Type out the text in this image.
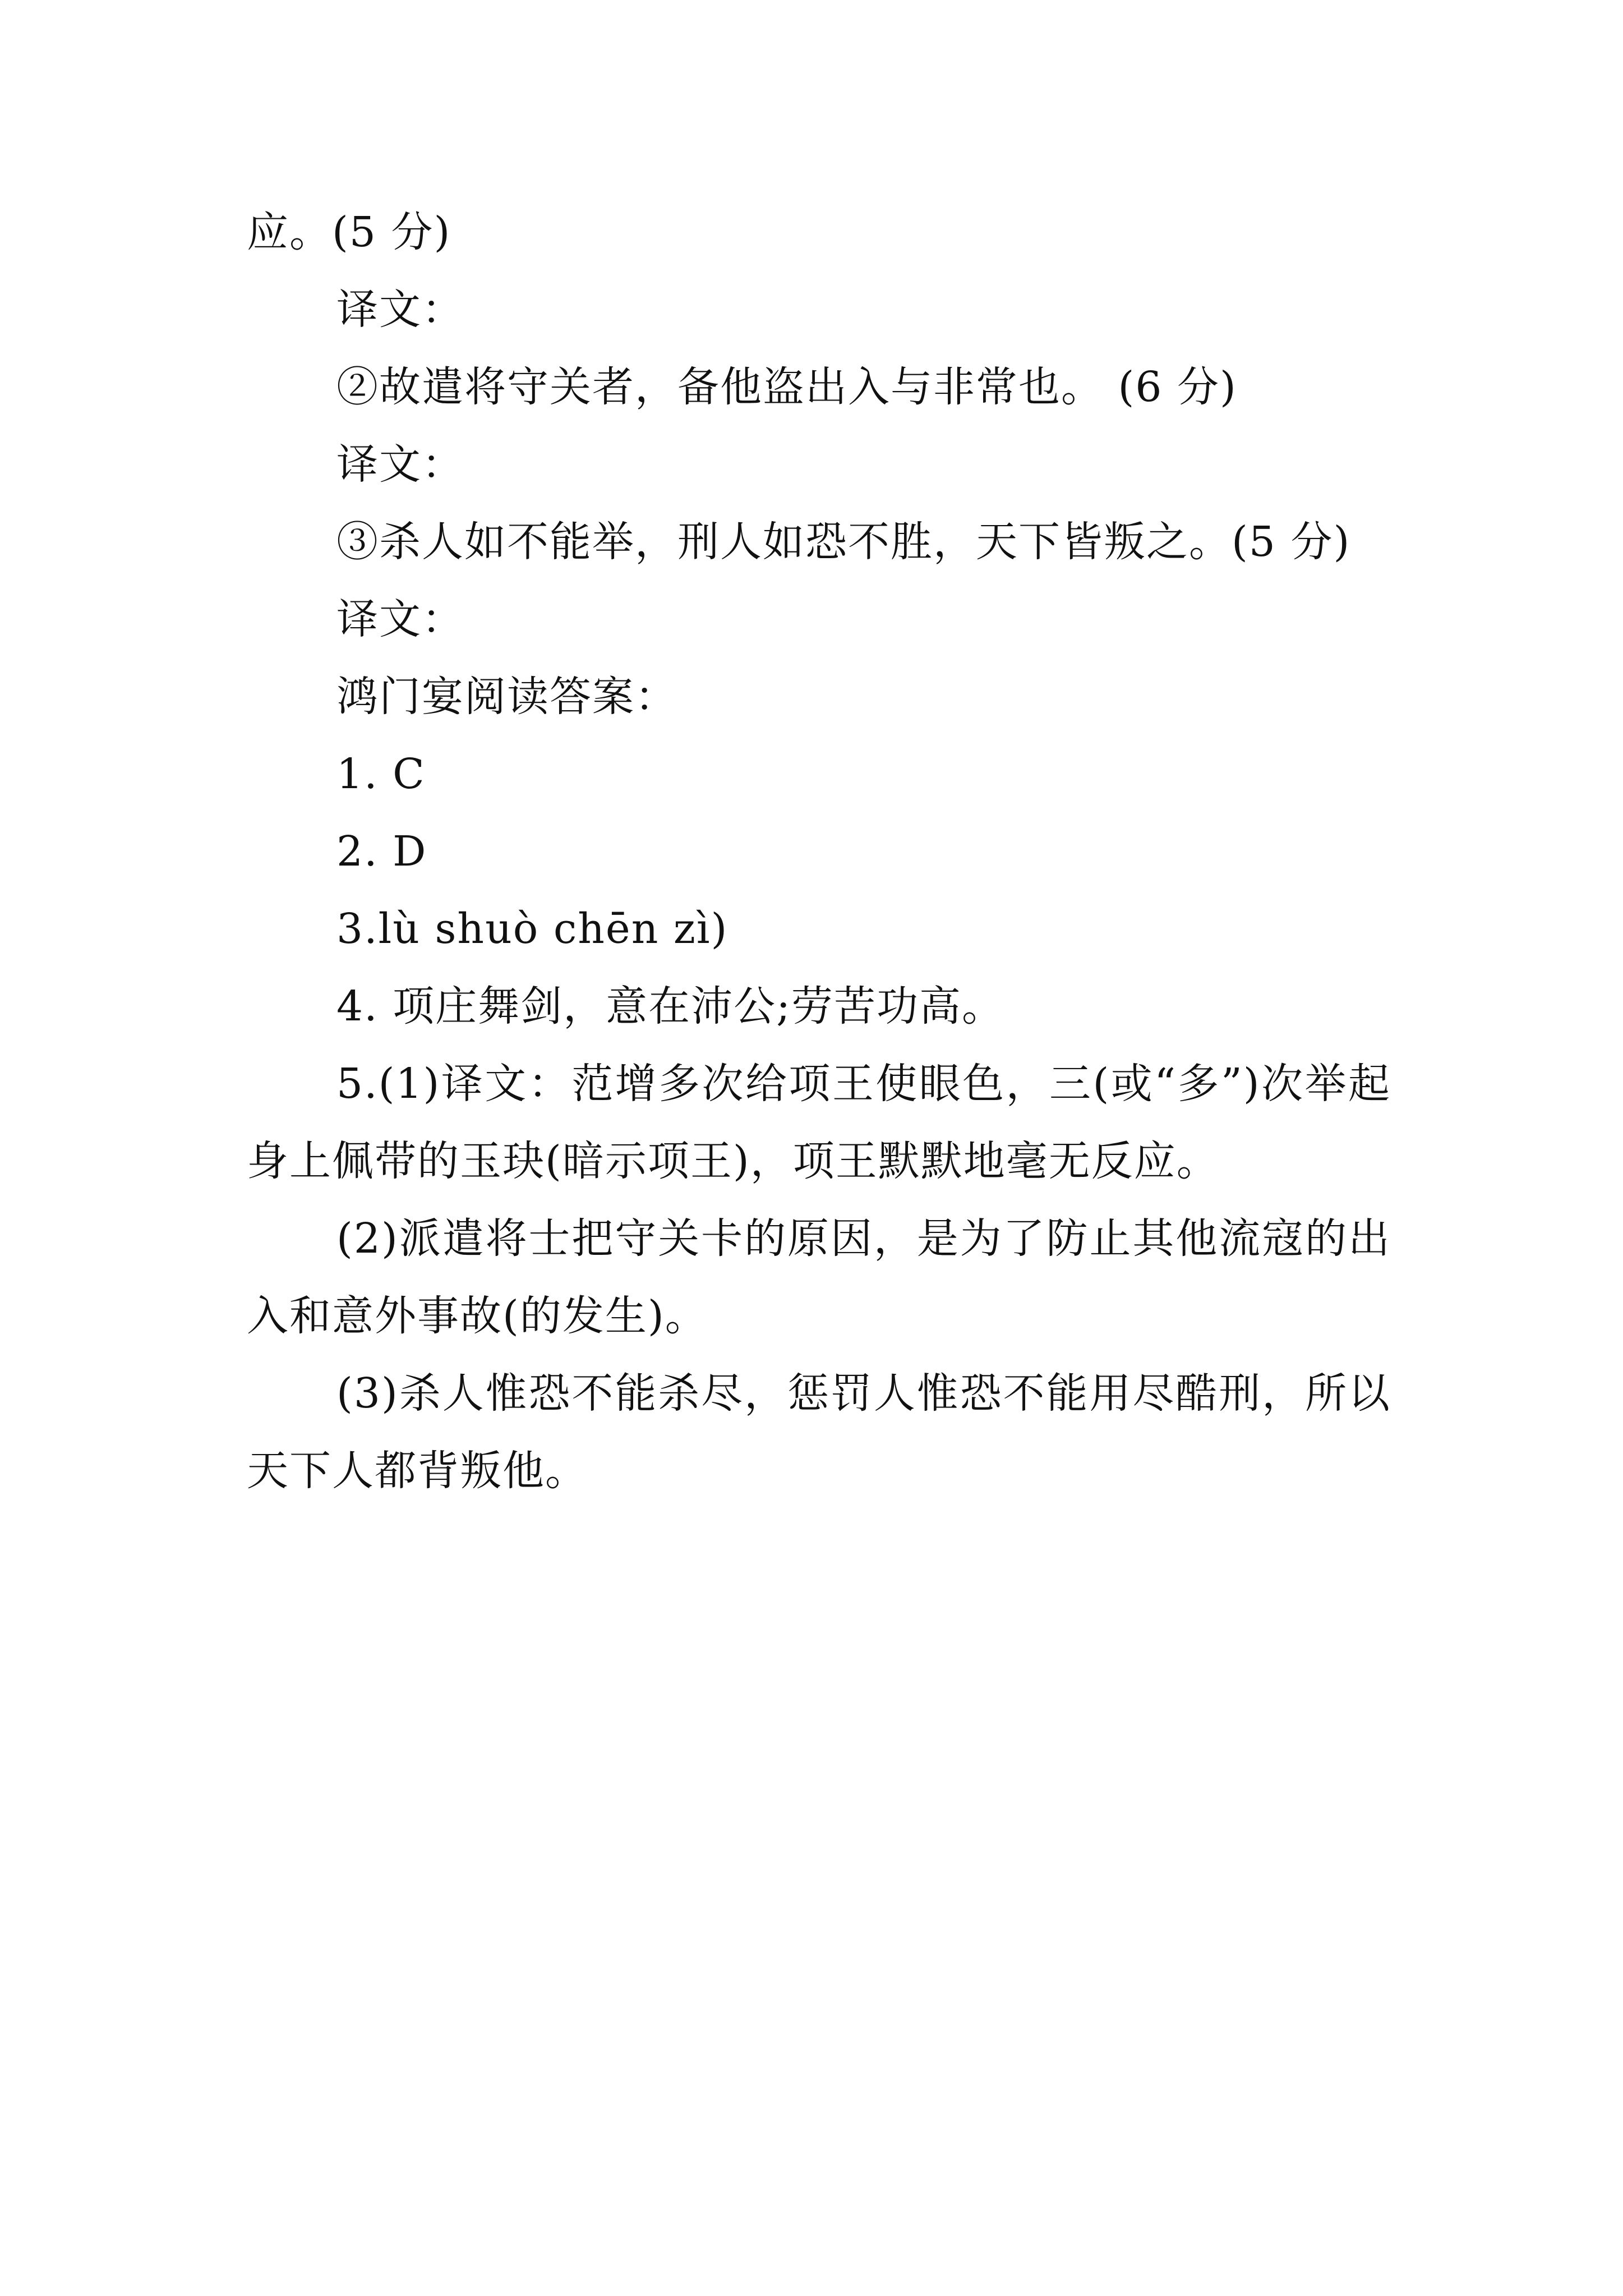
应。(5 分)
译文：
②故遣将守关者，备他盗出入与非常也。 (6 分)
译文：
③杀人如不能举，刑人如恐不胜，天下皆叛之。(5 分)
译文：
鸿门宴阅读答案：
1. C
2. D
3.lù shuò chēn zì)
4. 项庄舞剑，意在沛公;劳苦功高。
5.(1)译文：范增多次给项王使眼色，三(或“多”)次举起身上佩带的玉玦(暗示项王)，项王默默地毫无反应。
(2)派遣将士把守关卡的原因，是为了防止其他流寇的出入和意外事故(的发生)。
(3)杀人惟恐不能杀尽，惩罚人惟恐不能用尽酷刑，所以天下人都背叛他。
